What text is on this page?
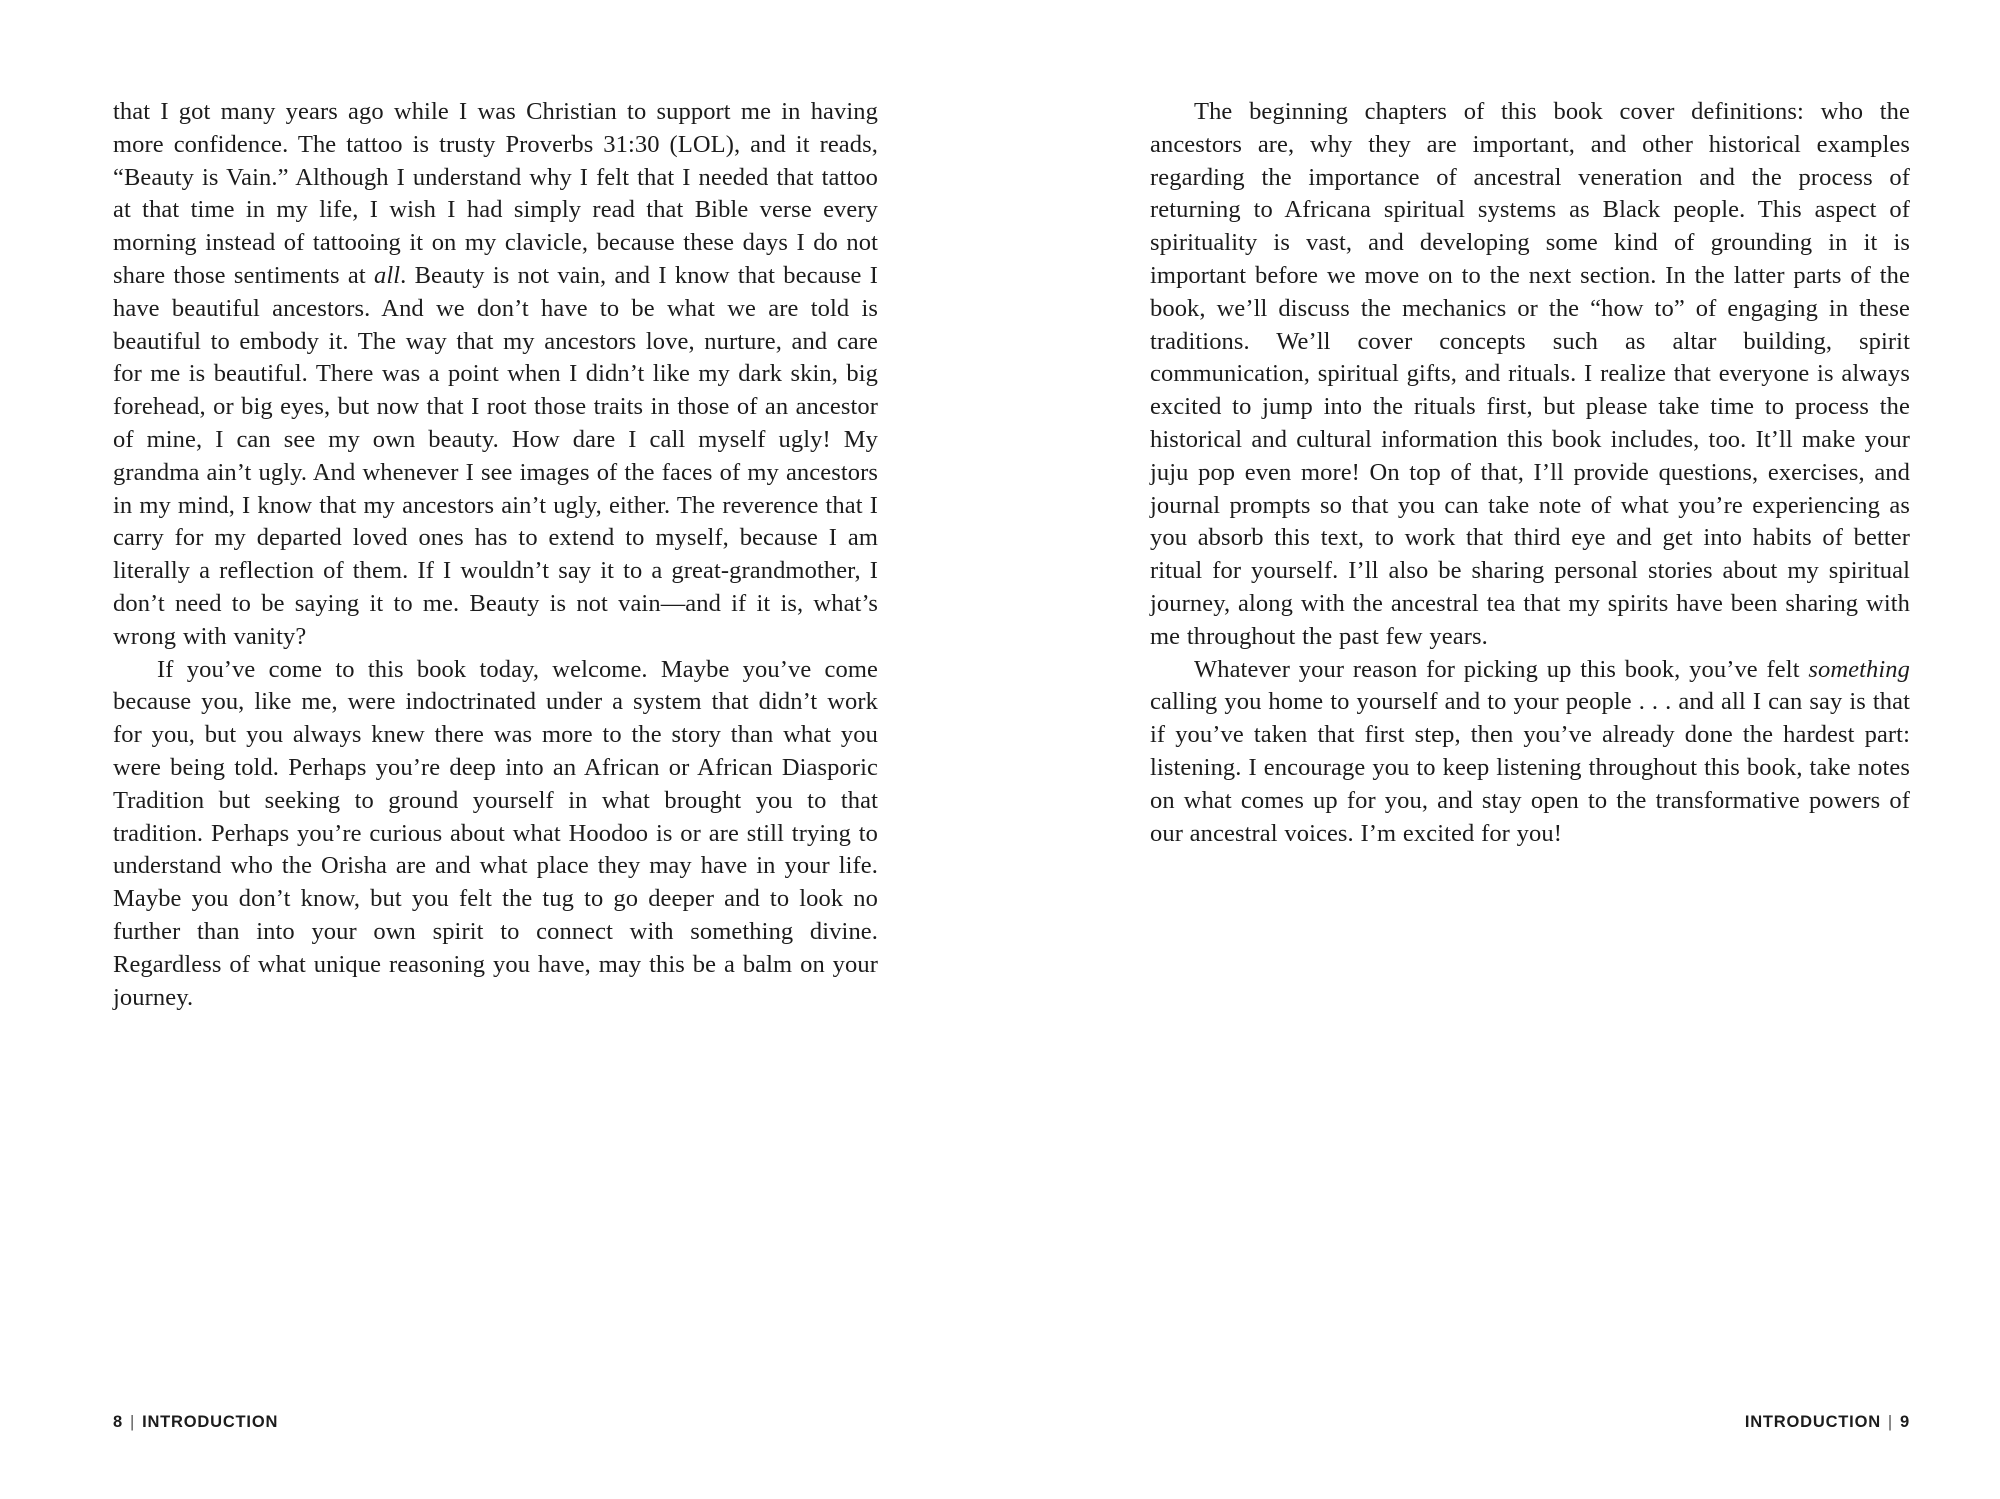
that I got many years ago while I was Christian to support me in having more confidence. The tattoo is trusty Proverbs 31:30 (LOL), and it reads, “Beauty is Vain.” Although I understand why I felt that I needed that tattoo at that time in my life, I wish I had simply read that Bible verse every morning instead of tattooing it on my clavicle, because these days I do not share those sentiments at all. Beauty is not vain, and I know that because I have beautiful ancestors. And we don’t have to be what we are told is beautiful to embody it. The way that my ancestors love, nurture, and care for me is beautiful. There was a point when I didn’t like my dark skin, big forehead, or big eyes, but now that I root those traits in those of an ancestor of mine, I can see my own beauty. How dare I call myself ugly! My grandma ain’t ugly. And whenever I see images of the faces of my ancestors in my mind, I know that my ancestors ain’t ugly, either. The reverence that I carry for my departed loved ones has to extend to myself, because I am literally a reflection of them. If I wouldn’t say it to a great-grandmother, I don’t need to be saying it to me. Beauty is not vain—and if it is, what’s wrong with vanity?

If you’ve come to this book today, welcome. Maybe you’ve come because you, like me, were indoctrinated under a system that didn’t work for you, but you always knew there was more to the story than what you were being told. Perhaps you’re deep into an African or African Diasporic Tradition but seeking to ground yourself in what brought you to that tradition. Perhaps you’re curious about what Hoodoo is or are still trying to understand who the Orisha are and what place they may have in your life. Maybe you don’t know, but you felt the tug to go deeper and to look no further than into your own spirit to connect with something divine. Regardless of what unique reasoning you have, may this be a balm on your journey.

8 | INTRODUCTION

The beginning chapters of this book cover definitions: who the ancestors are, why they are important, and other historical examples regarding the importance of ancestral veneration and the process of returning to Africana spiritual systems as Black people. This aspect of spirituality is vast, and developing some kind of grounding in it is important before we move on to the next section. In the latter parts of the book, we’ll discuss the mechanics or the “how to” of engaging in these traditions. We’ll cover concepts such as altar building, spirit communication, spiritual gifts, and rituals. I realize that everyone is always excited to jump into the rituals first, but please take time to process the historical and cultural information this book includes, too. It’ll make your juju pop even more! On top of that, I’ll provide questions, exercises, and journal prompts so that you can take note of what you’re experiencing as you absorb this text, to work that third eye and get into habits of better ritual for yourself. I’ll also be sharing personal stories about my spiritual journey, along with the ancestral tea that my spirits have been sharing with me throughout the past few years.

Whatever your reason for picking up this book, you’ve felt something calling you home to yourself and to your people . . . and all I can say is that if you’ve taken that first step, then you’ve already done the hardest part: listening. I encourage you to keep listening throughout this book, take notes on what comes up for you, and stay open to the transformative powers of our ancestral voices. I’m excited for you!

INTRODUCTION | 9
